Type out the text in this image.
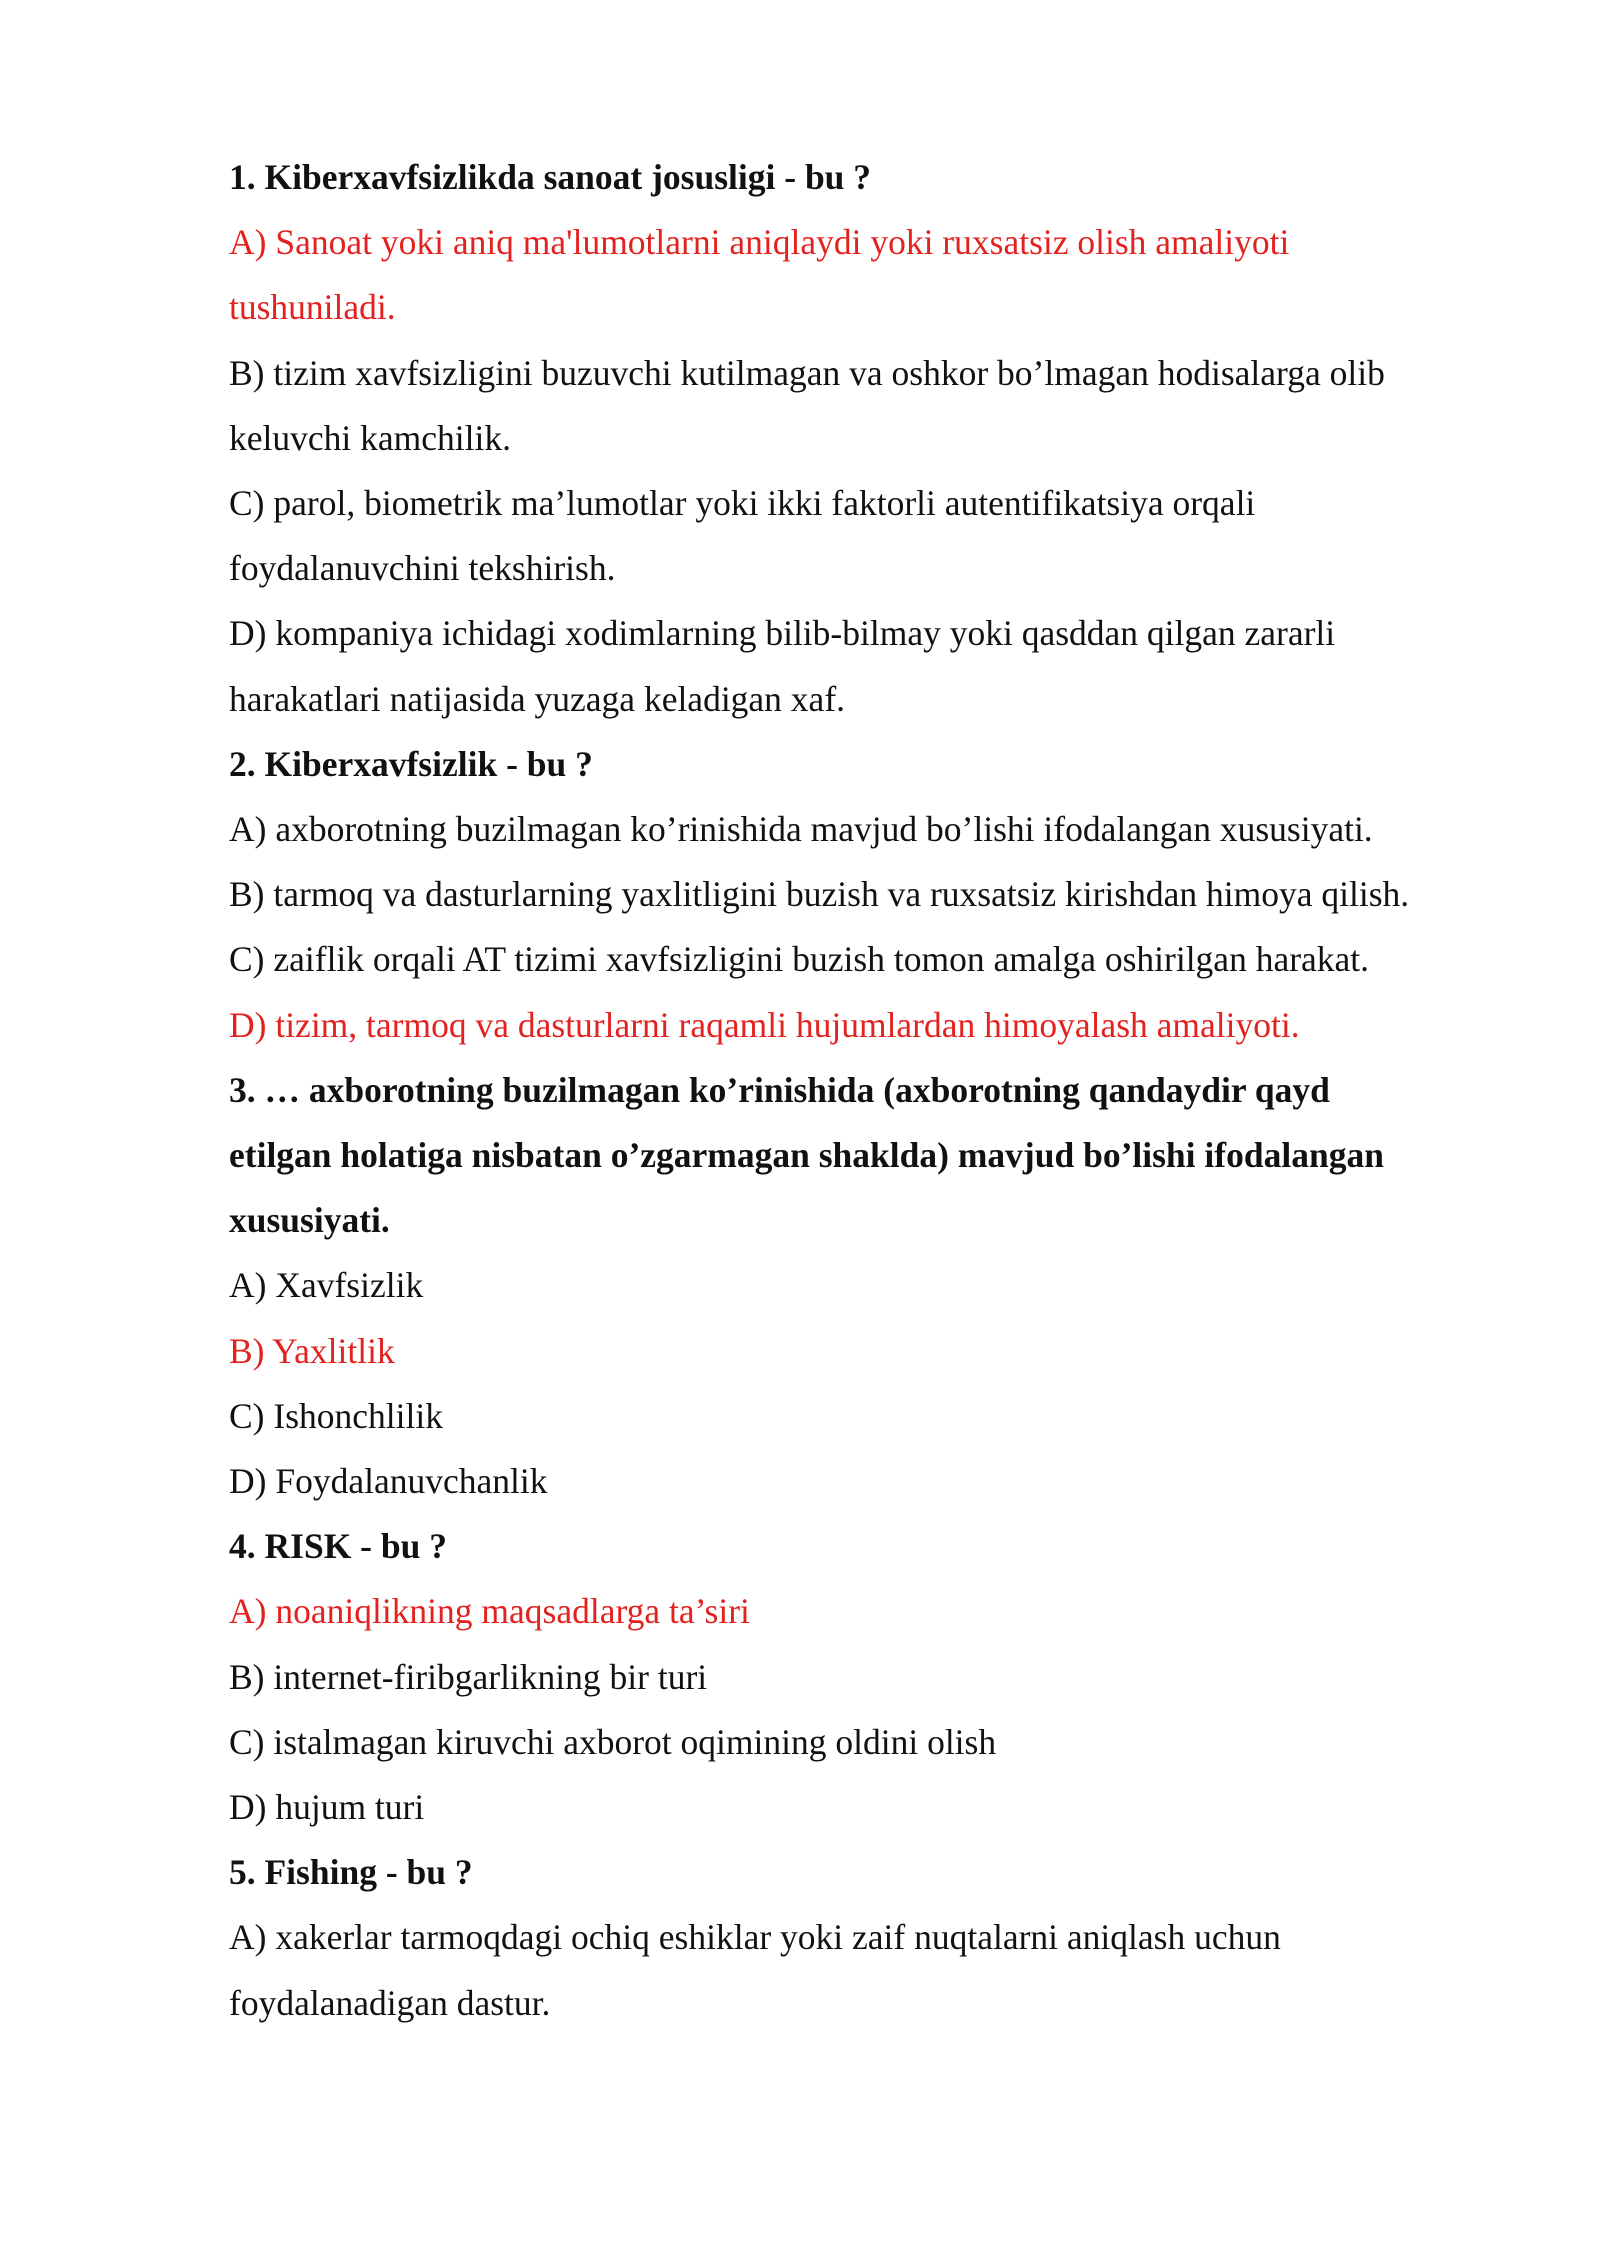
1. Kiberxavfsizlikda sanoat josusligi - bu ?

A) Sanoat yoki aniq ma'lumotlarni aniqlaydi yoki ruxsatsiz olish amaliyoti

tushuniladi.

B) tizim xavfsizligini buzuvchi kutilmagan va oshkor bo’lmagan hodisalarga olib

keluvchi kamchilik.

C) parol, biometrik ma’lumotlar yoki ikki faktorli autentifikatsiya orqali

foydalanuvchini tekshirish.

D) kompaniya ichidagi xodimlarning bilib-bilmay yoki qasddan qilgan zararli

harakatlari natijasida yuzaga keladigan xaf.

2. Kiberxavfsizlik - bu ?

A) axborotning buzilmagan ko’rinishida mavjud bo’lishi ifodalangan xususiyati.

B) tarmoq va dasturlarning yaxlitligini buzish va ruxsatsiz kirishdan himoya qilish.

C) zaiflik orqali AT tizimi xavfsizligini buzish tomon amalga oshirilgan harakat.

D) tizim, tarmoq va dasturlarni raqamli hujumlardan himoyalash amaliyoti.

3. … axborotning buzilmagan ko’rinishida (axborotning qandaydir qayd

etilgan holatiga nisbatan o’zgarmagan shaklda) mavjud bo’lishi ifodalangan

xususiyati.

A) Xavfsizlik

B) Yaxlitlik

C) Ishonchlilik

D) Foydalanuvchanlik

4. RISK - bu ?

A) noaniqlikning maqsadlarga ta’siri

B) internet-firibgarlikning bir turi

C) istalmagan kiruvchi axborot oqimining oldini olish

D) hujum turi

5. Fishing - bu ?

A) xakerlar tarmoqdagi ochiq eshiklar yoki zaif nuqtalarni aniqlash uchun

foydalanadigan dastur.
